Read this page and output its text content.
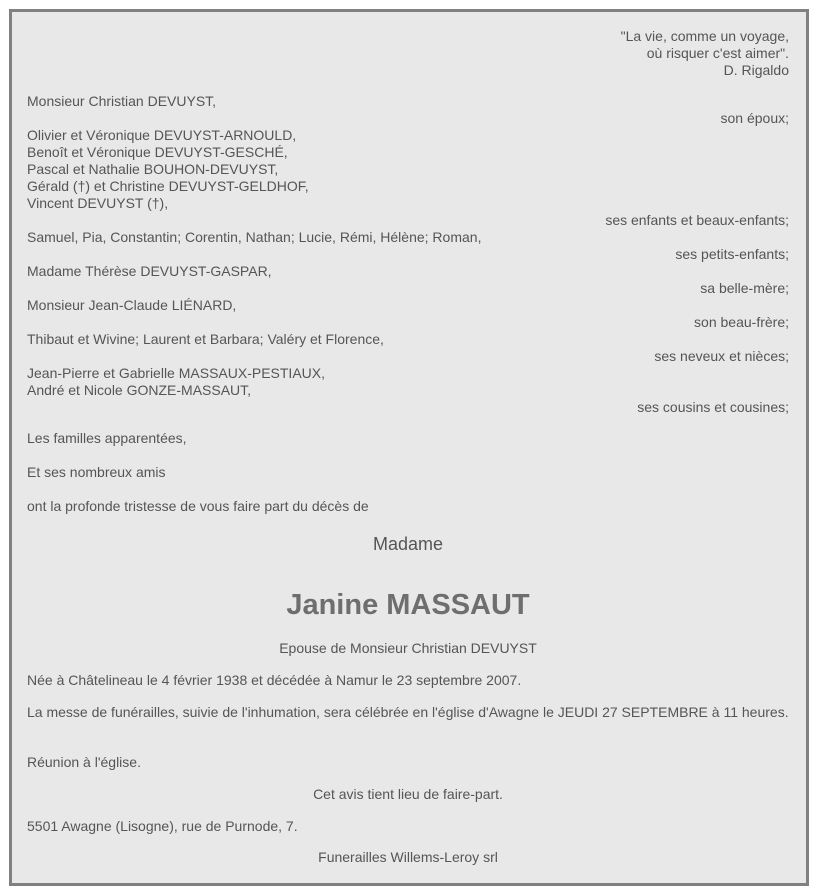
"La vie, comme un voyage,
où risquer c'est aimer".
D. Rigaldo
Monsieur Christian DEVUYST,
son époux;
Olivier et Véronique DEVUYST-ARNOULD,
Benoît et Véronique DEVUYST-GESCHÉ,
Pascal et Nathalie BOUHON-DEVUYST,
Gérald (†) et Christine DEVUYST-GELDHOF,
Vincent DEVUYST (†),
ses enfants et beaux-enfants;
Samuel, Pia, Constantin; Corentin, Nathan; Lucie, Rémi, Hélène; Roman,
ses petits-enfants;
Madame Thérèse DEVUYST-GASPAR,
sa belle-mère;
Monsieur Jean-Claude LIÉNARD,
son beau-frère;
Thibaut et Wivine; Laurent et Barbara; Valéry et Florence,
ses neveux et nièces;
Jean-Pierre et Gabrielle MASSAUX-PESTIAUX,
André et Nicole GONZE-MASSAUT,
ses cousins et cousines;
Les familles apparentées,
Et ses nombreux amis
ont la profonde tristesse de vous faire part du décès de
Madame
Janine MASSAUT
Epouse de Monsieur Christian DEVUYST
Née à Châtelineau le 4 février 1938 et décédée à Namur le 23 septembre 2007.
La messe de funérailles, suivie de l'inhumation, sera célébrée en l'église d'Awagne le JEUDI 27 SEPTEMBRE à 11 heures.
Réunion à l'église.
Cet avis tient lieu de faire-part.
5501 Awagne (Lisogne), rue de Purnode, 7.
Funerailles Willems-Leroy srl
